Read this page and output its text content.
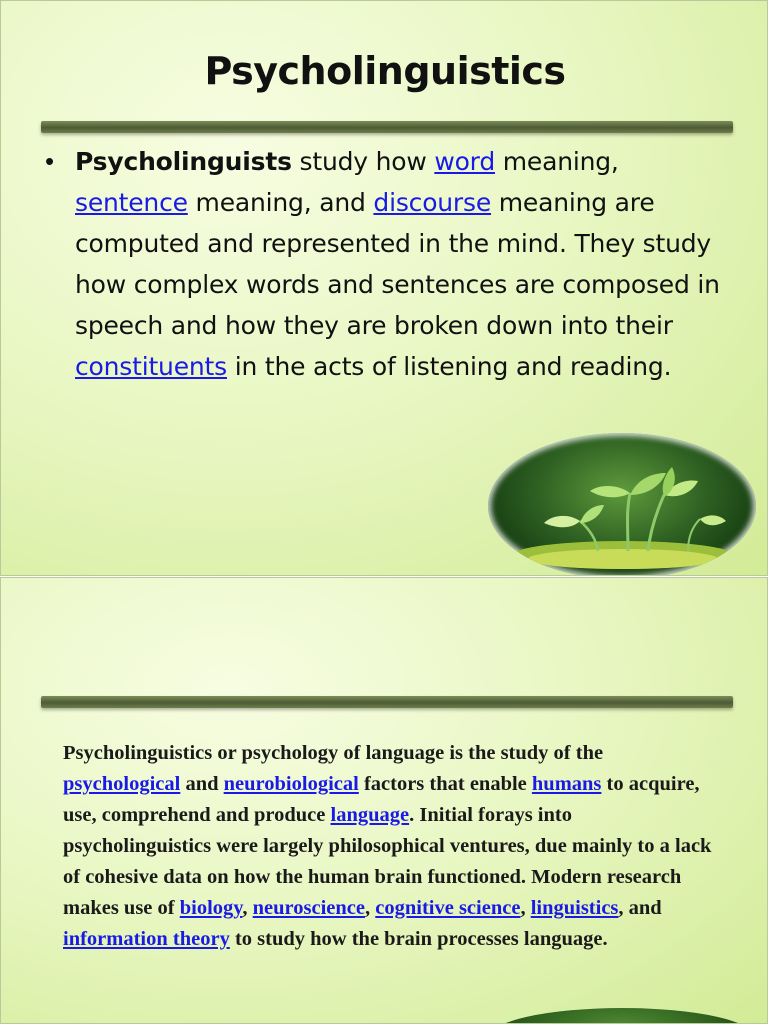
Psycholinguistics
• Psycholinguists study how word meaning, sentence meaning, and discourse meaning are computed and represented in the mind. They study how complex words and sentences are composed in speech and how they are broken down into their constituents in the acts of listening and reading.
Psycholinguistics or psychology of language is the study of the psychological and neurobiological factors that enable humans to acquire, use, comprehend and produce language. Initial forays into psycholinguistics were largely philosophical ventures, due mainly to a lack of cohesive data on how the human brain functioned. Modern research makes use of biology, neuroscience, cognitive science, linguistics, and information theory to study how the brain processes language.
